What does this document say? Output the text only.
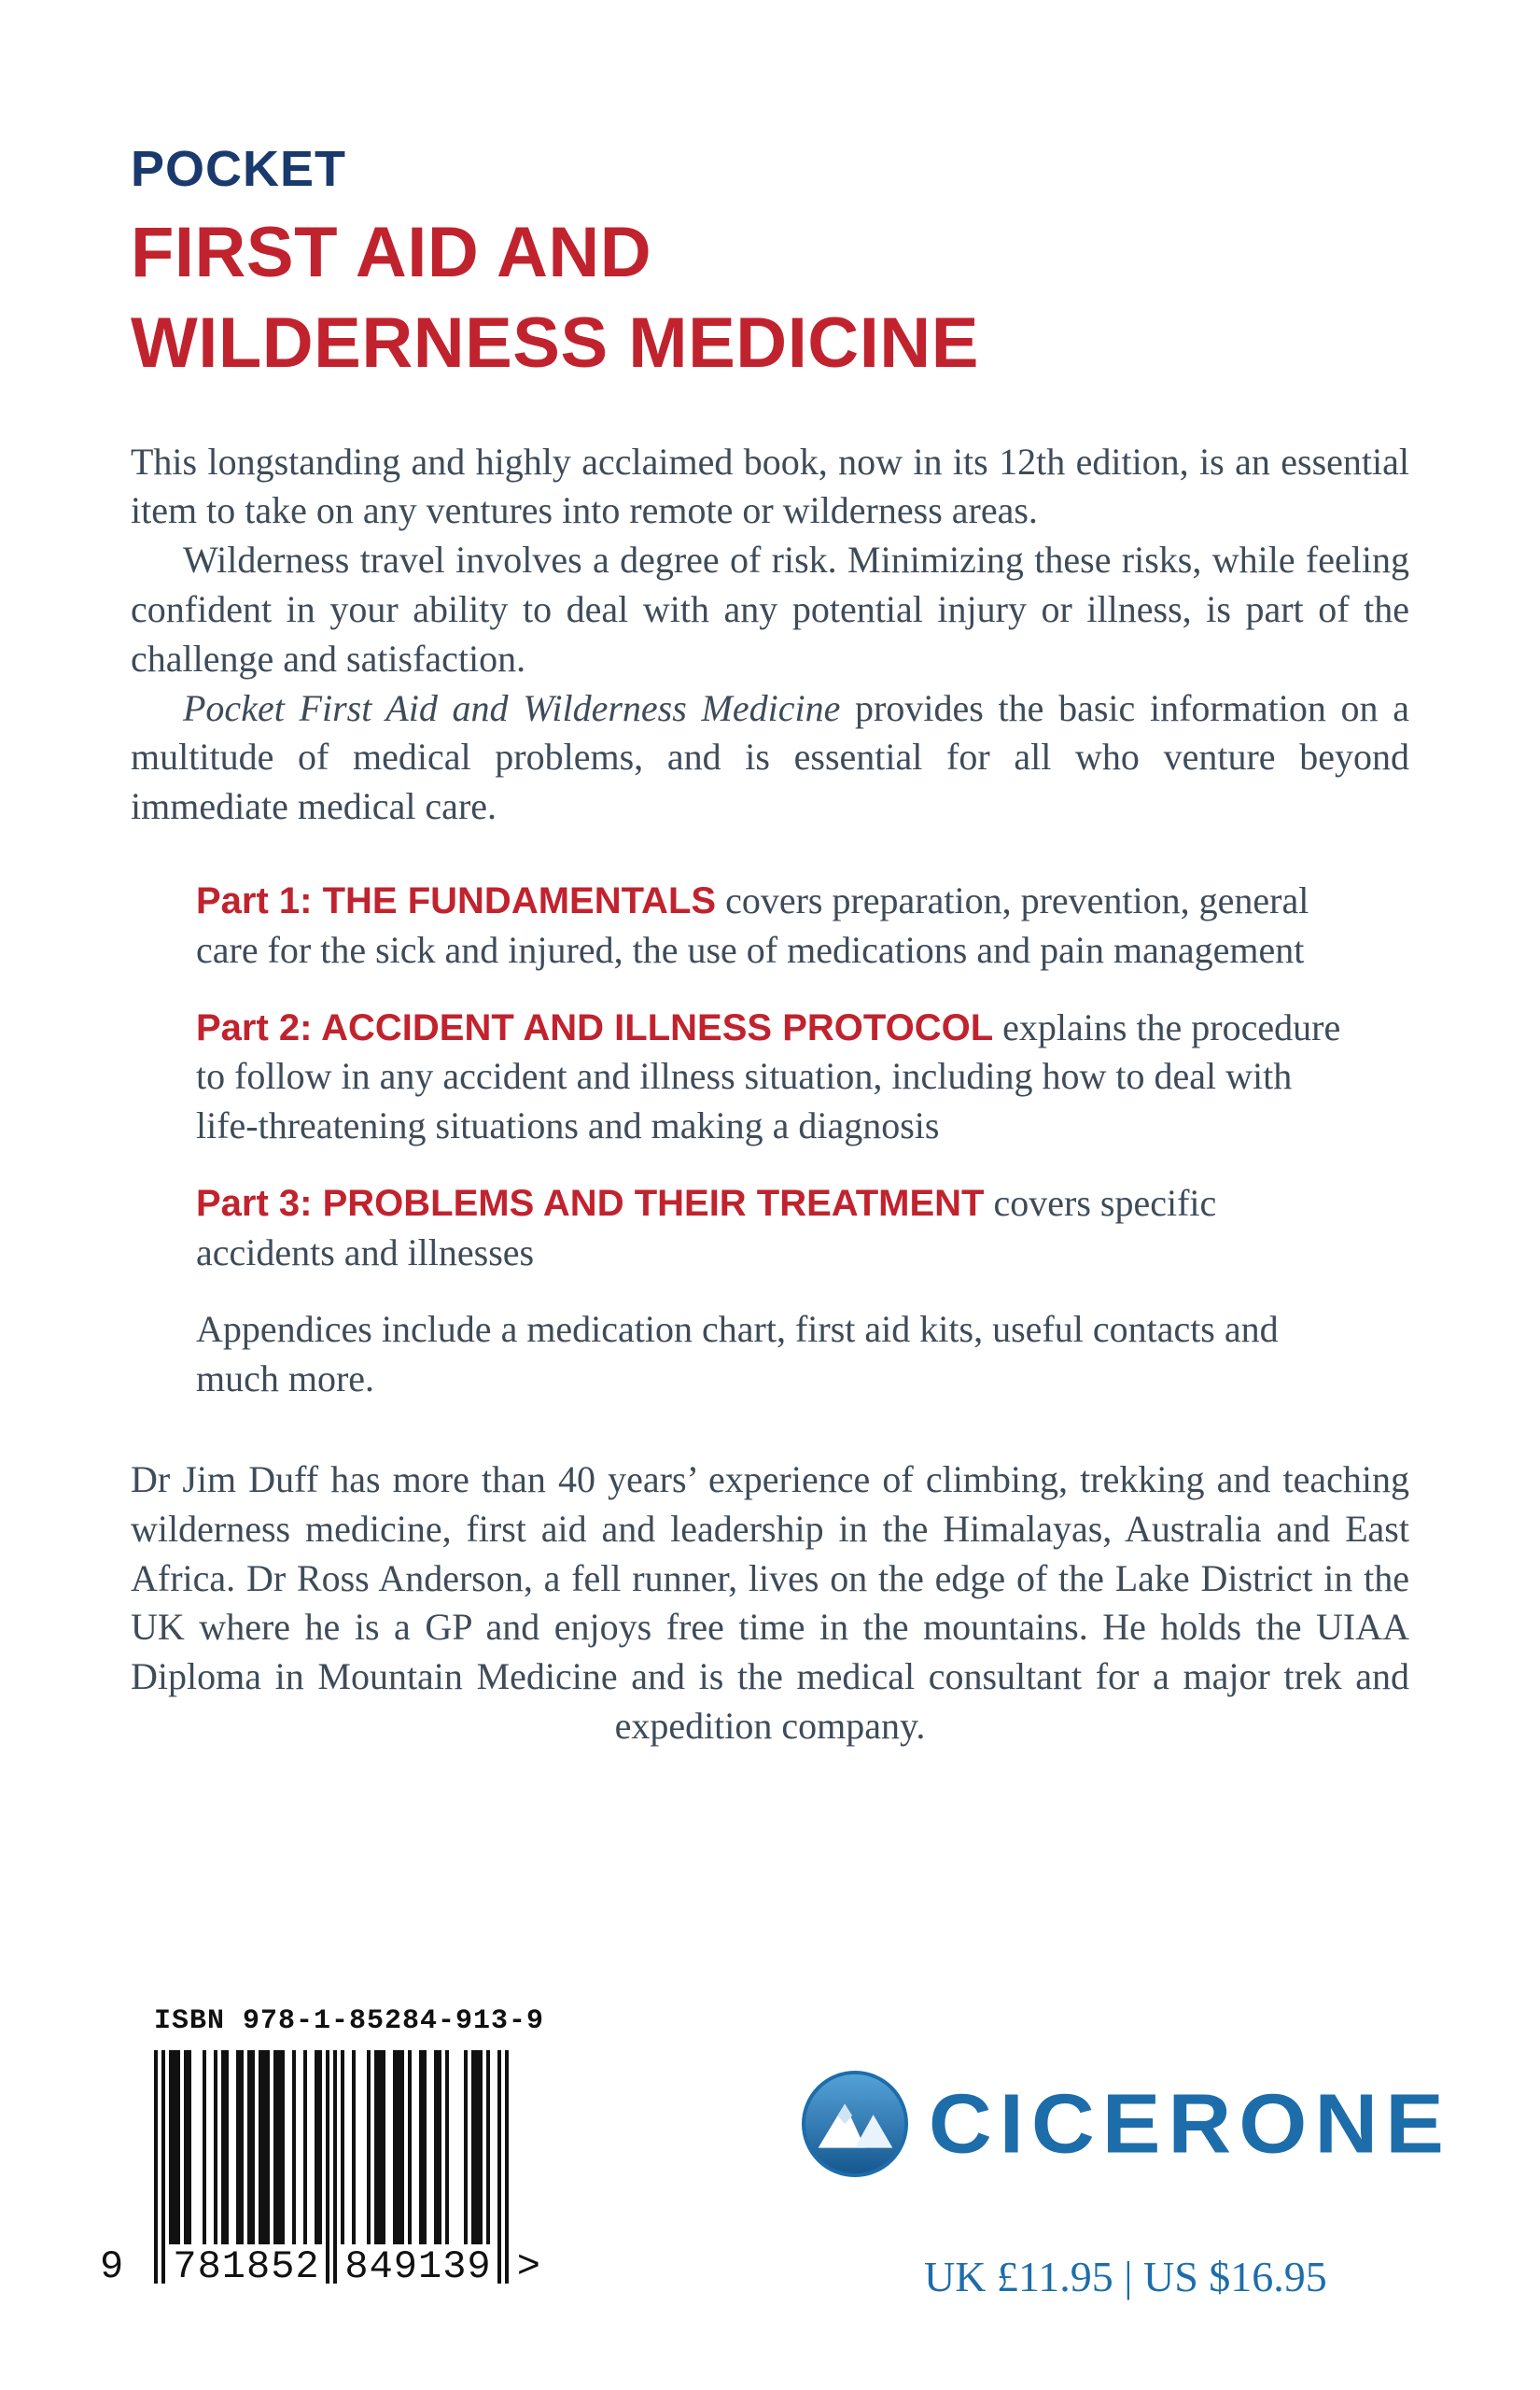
POCKET
FIRST AID AND
WILDERNESS MEDICINE

This longstanding and highly acclaimed book, now in its 12th edition, is an essential item to take on any ventures into remote or wilderness areas.

Wilderness travel involves a degree of risk. Minimizing these risks, while feeling confident in your ability to deal with any potential injury or illness, is part of the challenge and satisfaction.

Pocket First Aid and Wilderness Medicine provides the basic information on a multitude of medical problems, and is essential for all who venture beyond immediate medical care.

Part 1: THE FUNDAMENTALS covers preparation, prevention, general care for the sick and injured, the use of medications and pain management

Part 2: ACCIDENT AND ILLNESS PROTOCOL explains the procedure to follow in any accident and illness situation, including how to deal with life-threatening situations and making a diagnosis

Part 3: PROBLEMS AND THEIR TREATMENT covers specific accidents and illnesses

Appendices include a medication chart, first aid kits, useful contacts and much more.

Dr Jim Duff has more than 40 years’ experience of climbing, trekking and teaching wilderness medicine, first aid and leadership in the Himalayas, Australia and East Africa. Dr Ross Anderson, a fell runner, lives on the edge of the Lake District in the UK where he is a GP and enjoys free time in the mountains. He holds the UIAA Diploma in Mountain Medicine and is the medical consultant for a major trek and expedition company.

ISBN 978-1-85284-913-9
9 781852 849139 >
CICERONE
UK £11.95 | US $16.95
